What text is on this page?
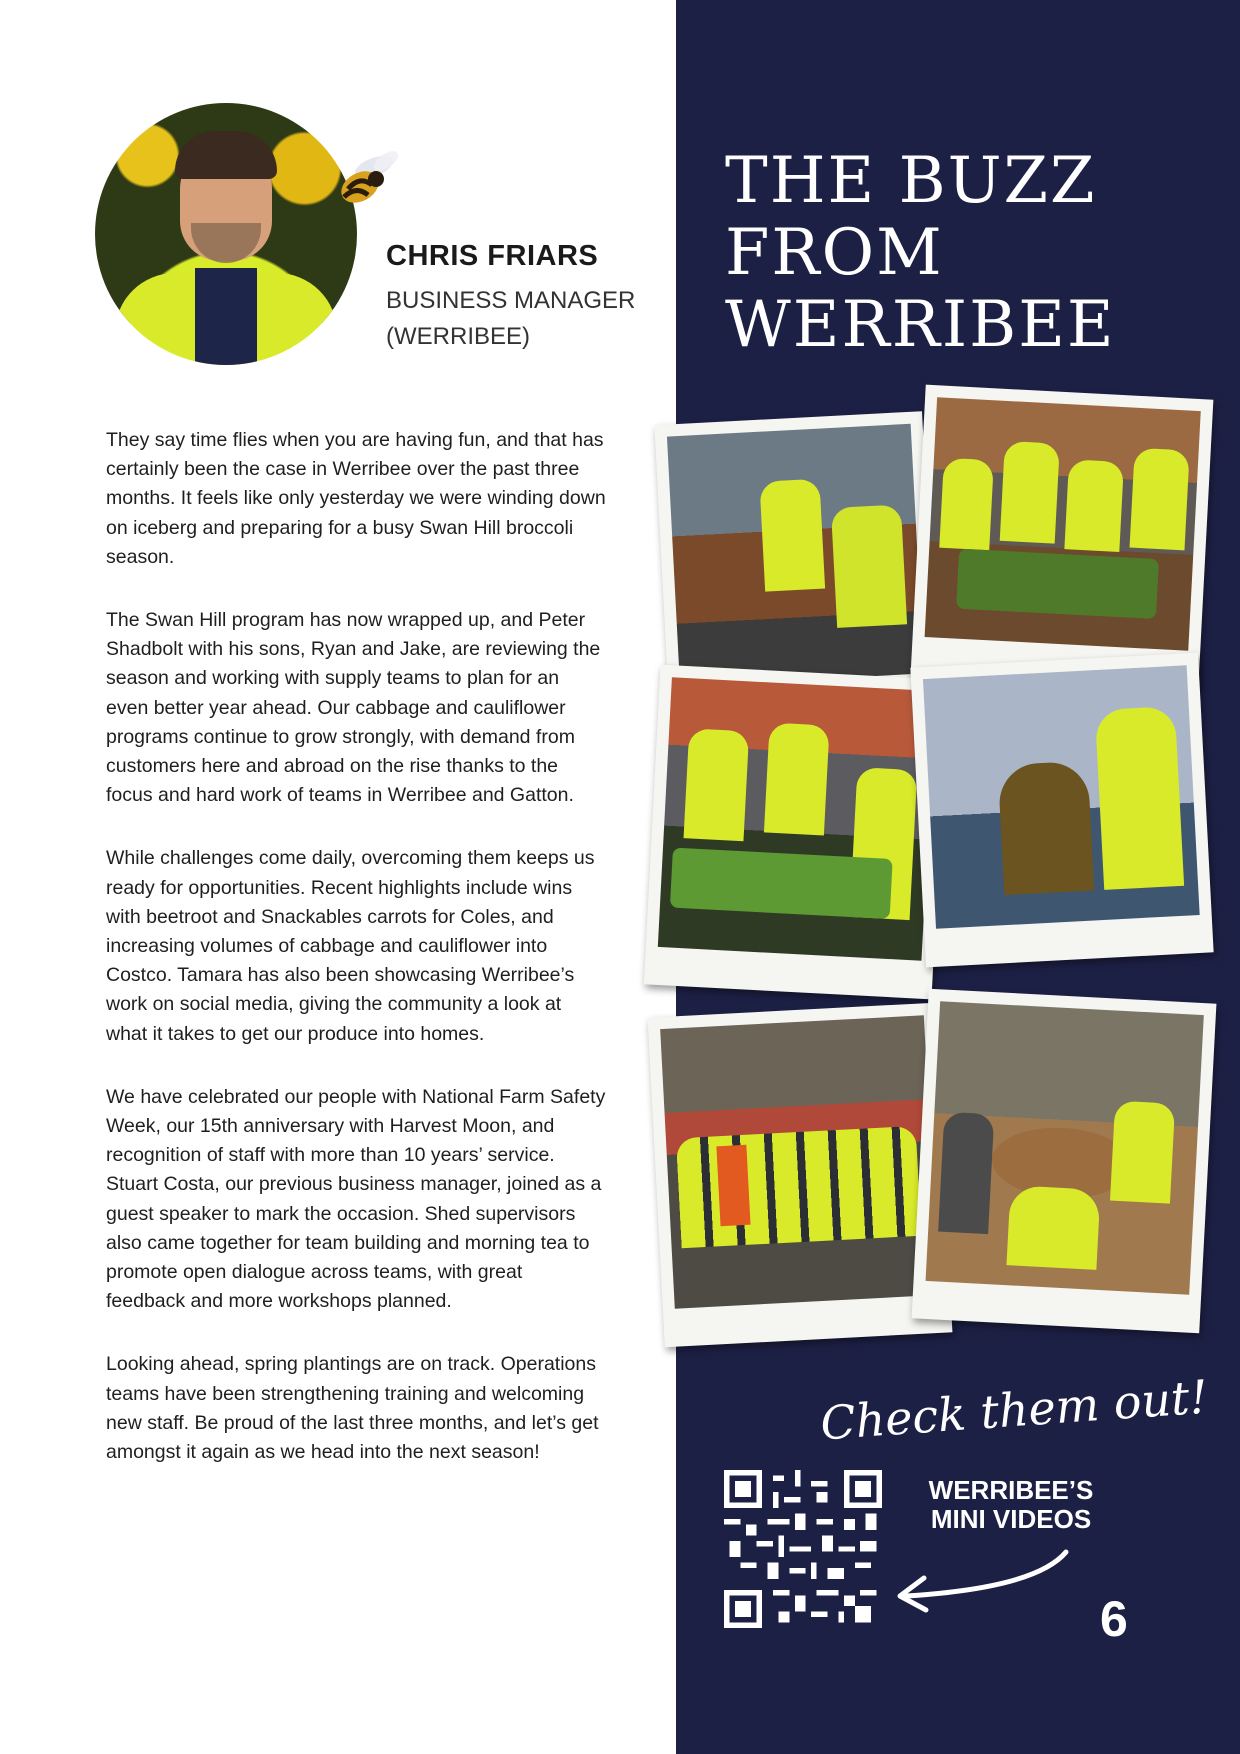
CHRIS FRIARS
BUSINESS MANAGER
(WERRIBEE)

They say time flies when you are having fun, and that has certainly been the case in Werribee over the past three months. It feels like only yesterday we were winding down on iceberg and preparing for a busy Swan Hill broccoli season.

The Swan Hill program has now wrapped up, and Peter Shadbolt with his sons, Ryan and Jake, are reviewing the season and working with supply teams to plan for an even better year ahead. Our cabbage and cauliflower programs continue to grow strongly, with demand from customers here and abroad on the rise thanks to the focus and hard work of teams in Werribee and Gatton.

While challenges come daily, overcoming them keeps us ready for opportunities. Recent highlights include wins with beetroot and Snackables carrots for Coles, and increasing volumes of cabbage and cauliflower into Costco. Tamara has also been showcasing Werribee’s work on social media, giving the community a look at what it takes to get our produce into homes.

We have celebrated our people with National Farm Safety Week, our 15th anniversary with Harvest Moon, and recognition of staff with more than 10 years’ service. Stuart Costa, our previous business manager, joined as a guest speaker to mark the occasion. Shed supervisors also came together for team building and morning tea to promote open dialogue across teams, with great feedback and more workshops planned.

Looking ahead, spring plantings are on track. Operations teams have been strengthening training and welcoming new staff. Be proud of the last three months, and let’s get amongst it again as we head into the next season!

THE BUZZ
FROM
WERRIBEE
Check them out!
WERRIBEE’S
MINI VIDEOS
6
